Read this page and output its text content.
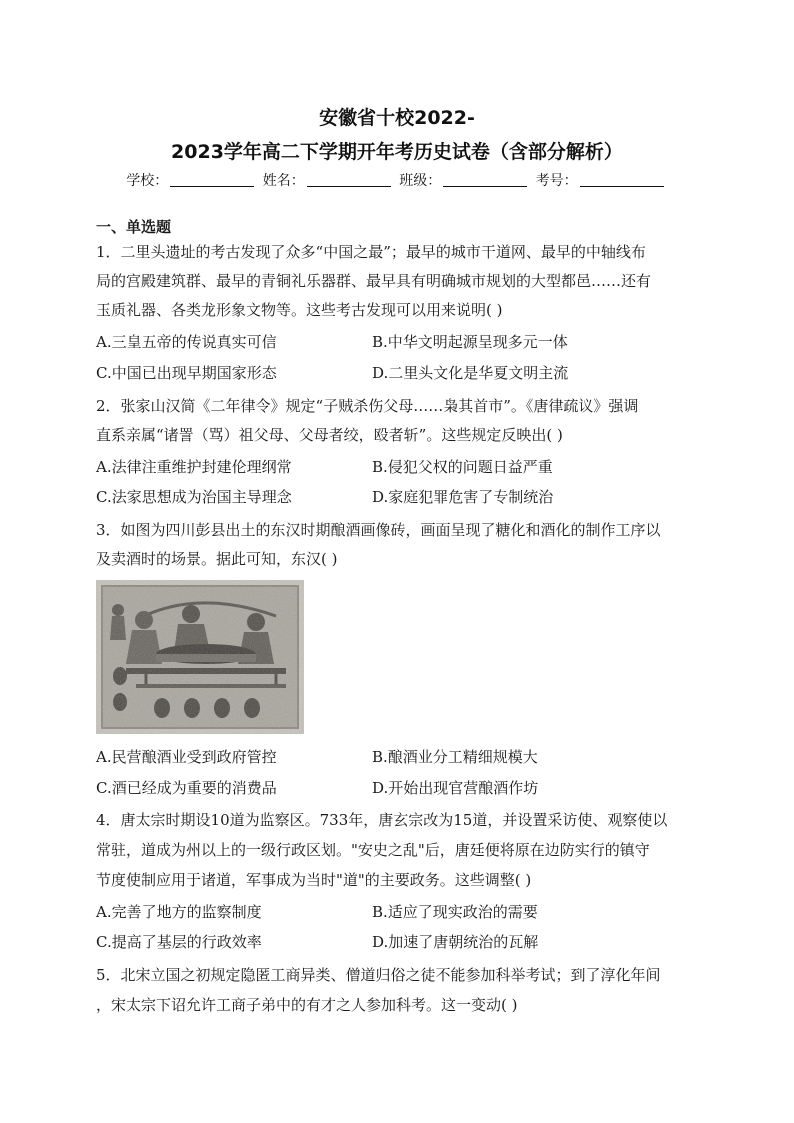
安徽省十校2022-
2023学年高二下学期开年考历史试卷（含部分解析）
学校：	姓名：	班级：	考号：
一、单选题
1．二里头遗址的考古发现了众多“中国之最”；最早的城市干道网、最早的中轴线布
局的宫殿建筑群、最早的青铜礼乐器群、最早具有明确城市规划的大型都邑……还有
玉质礼器、各类龙形象文物等。这些考古发现可以用来说明( )
A.三皇五帝的传说真实可信	B.中华文明起源呈现多元一体
C.中国已出现早期国家形态	D.二里头文化是华夏文明主流
2．张家山汉简《二年律令》规定“子贼杀伤父母……枭其首市”。《唐律疏议》强调
直系亲属“诸詈（骂）祖父母、父母者绞，殴者斩”。这些规定反映出( )
A.法律注重维护封建伦理纲常	B.侵犯父权的问题日益严重
C.法家思想成为治国主导理念	D.家庭犯罪危害了专制统治
3．如图为四川彭县出土的东汉时期酿酒画像砖，画面呈现了糖化和酒化的制作工序以
及卖酒时的场景。据此可知，东汉( )
A.民营酿酒业受到政府管控	B.酿酒业分工精细规模大
C.酒已经成为重要的消费品	D.开始出现官营酿酒作坊
4．唐太宗时期设10道为监察区。733年，唐玄宗改为15道，并设置采访使、观察使以
常驻，道成为州以上的一级行政区划。"安史之乱"后，唐廷便将原在边防实行的镇守
节度使制应用于诸道，军事成为当时"道"的主要政务。这些调整( )
A.完善了地方的监察制度	B.适应了现实政治的需要
C.提高了基层的行政效率	D.加速了唐朝统治的瓦解
5．北宋立国之初规定隐匿工商异类、僧道归俗之徒不能参加科举考试；到了淳化年间
，宋太宗下诏允许工商子弟中的有才之人参加科考。这一变动( )
